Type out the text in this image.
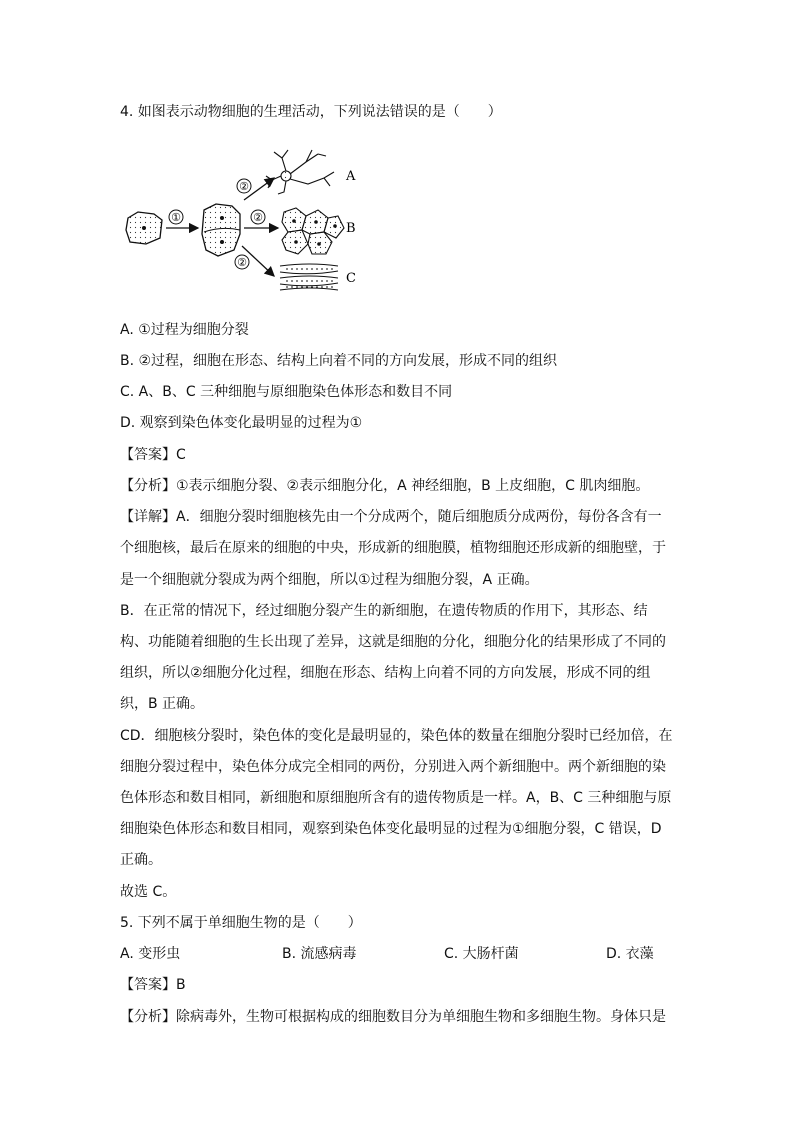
4. 如图表示动物细胞的生理活动，下列说法错误的是（　　）
①
②
A
②
B
②
C
A. ①过程为细胞分裂
B. ②过程，细胞在形态、结构上向着不同的方向发展，形成不同的组织
C. A、B、C 三种细胞与原细胞染色体形态和数目不同
D. 观察到染色体变化最明显的过程为①
【答案】C
【分析】①表示细胞分裂、②表示细胞分化，A 神经细胞，B 上皮细胞，C 肌肉细胞。
【详解】A．细胞分裂时细胞核先由一个分成两个，随后细胞质分成两份，每份各含有一
个细胞核，最后在原来的细胞的中央，形成新的细胞膜，植物细胞还形成新的细胞壁，于
是一个细胞就分裂成为两个细胞，所以①过程为细胞分裂，A 正确。
B．在正常的情况下，经过细胞分裂产生的新细胞，在遗传物质的作用下，其形态、结
构、功能随着细胞的生长出现了差异，这就是细胞的分化，细胞分化的结果形成了不同的
组织，所以②细胞分化过程，细胞在形态、结构上向着不同的方向发展，形成不同的组
织，B 正确。
CD．细胞核分裂时，染色体的变化是最明显的，染色体的数量在细胞分裂时已经加倍，在
细胞分裂过程中，染色体分成完全相同的两份，分别进入两个新细胞中。两个新细胞的染
色体形态和数目相同，新细胞和原细胞所含有的遗传物质是一样。A，B、C 三种细胞与原
细胞染色体形态和数目相同，观察到染色体变化最明显的过程为①细胞分裂，C 错误，D
正确。
故选 C。
5. 下列不属于单细胞生物的是（　　）
A. 变形虫	B. 流感病毒	C. 大肠杆菌	D. 衣藻
【答案】B
【分析】除病毒外，生物可根据构成的细胞数目分为单细胞生物和多细胞生物。身体只是
